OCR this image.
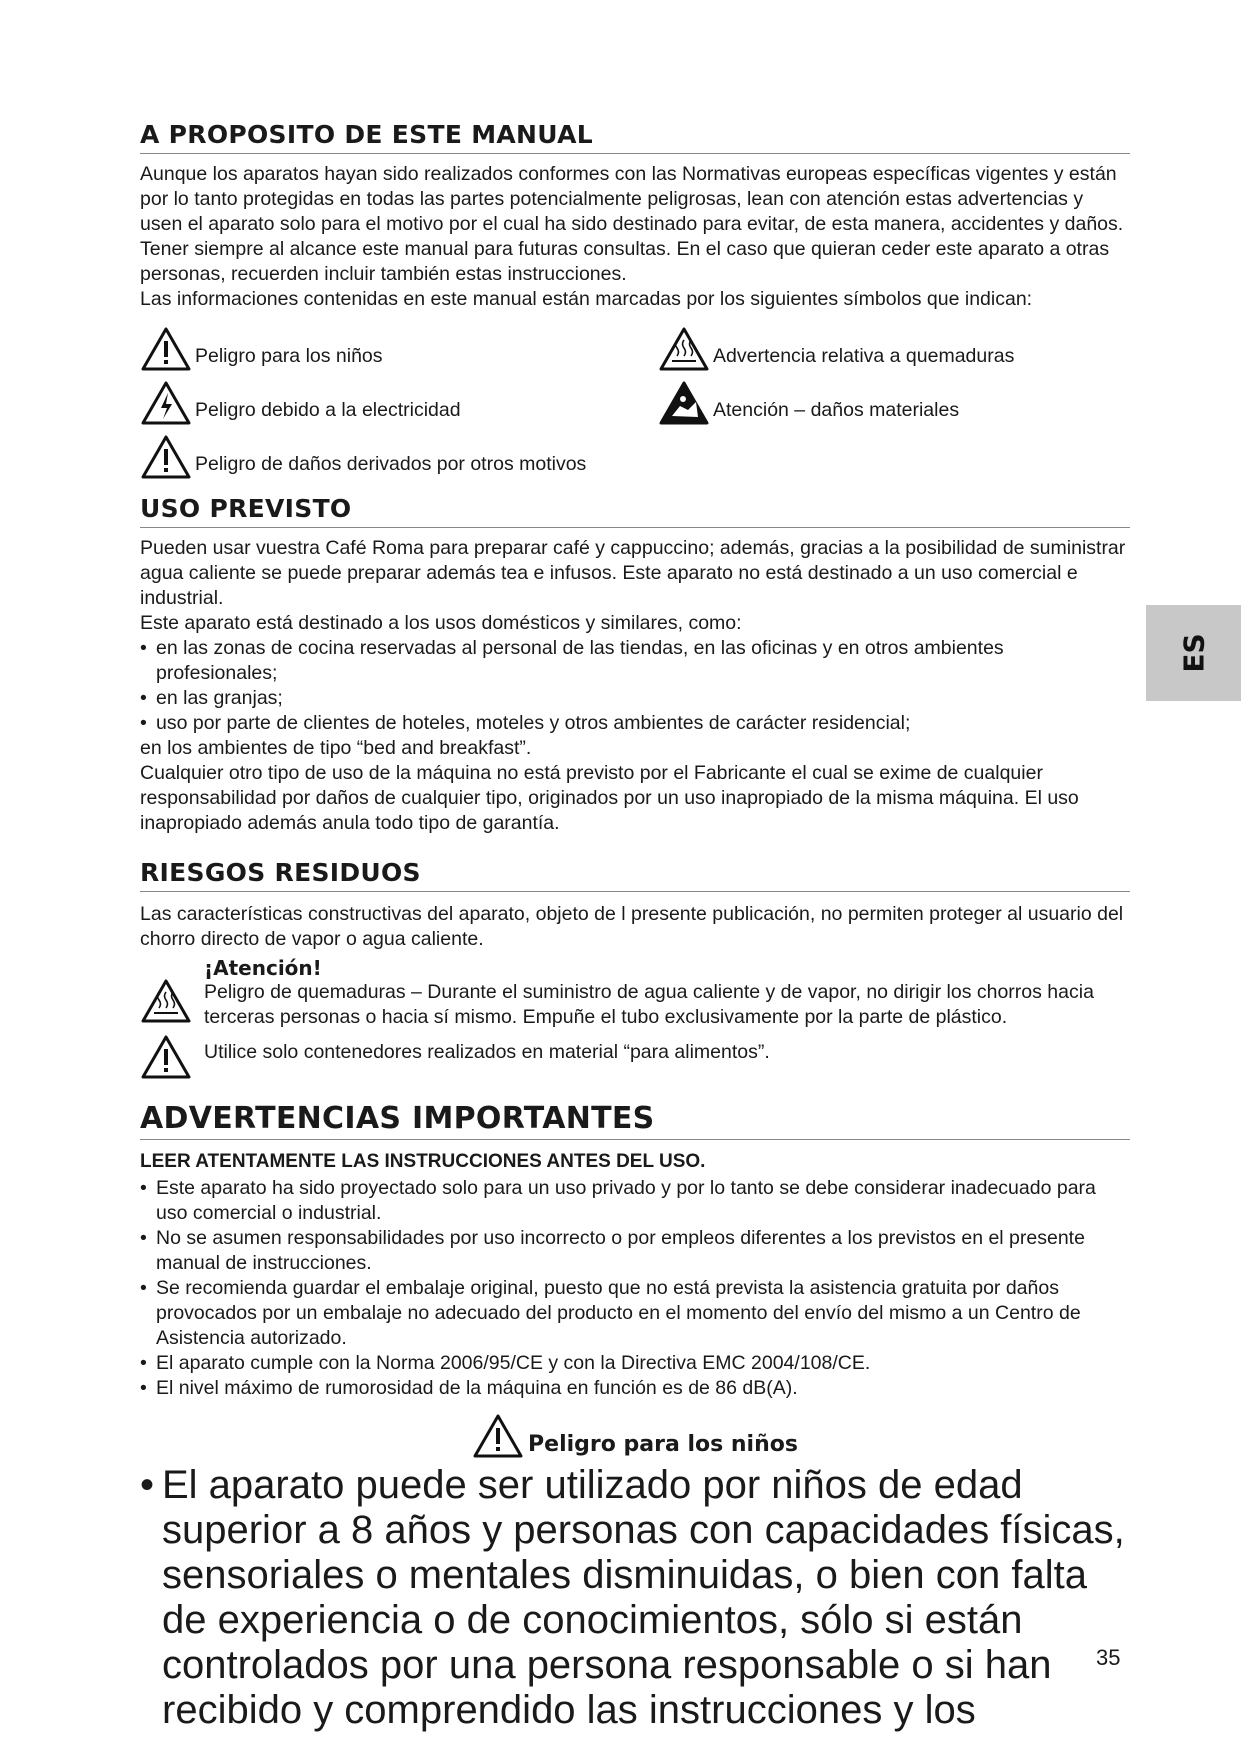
ES
A PROPOSITO DE ESTE MANUAL

Aunque los aparatos hayan sido realizados conformes con las Normativas europeas específicas vigentes y están por lo tanto protegidas en todas las partes potencialmente peligrosas, lean con atención estas advertencias y usen el aparato solo para el motivo por el cual ha sido destinado para evitar, de esta manera, accidentes y daños. Tener siempre al alcance este manual para futuras consultas. En el caso que quieran ceder este aparato a otras personas, recuerden incluir también estas instrucciones.

Las informaciones contenidas en este manual están marcadas por los siguientes símbolos que indican:

Peligro para los niños	Advertencia relativa a quemaduras
Peligro debido a la electricidad	Atención – daños materiales
Peligro de daños derivados por otros motivos
USO PREVISTO

Pueden usar vuestra Café Roma para preparar café y cappuccino; además, gracias a la posibilidad de suministrar agua caliente se puede preparar además tea e infusos. Este aparato no está destinado a un uso comercial e industrial.

Este aparato está destinado a los usos domésticos y similares, como:

• en las zonas de cocina reservadas al personal de las tiendas, en las oficinas y en otros ambientes profesionales;
• en las granjas;
• uso por parte de clientes de hoteles, moteles y otros ambientes de carácter residencial;

en los ambientes de tipo “bed and breakfast”.

Cualquier otro tipo de uso de la máquina no está previsto por el Fabricante el cual se exime de cualquier responsabilidad por daños de cualquier tipo, originados por un uso inapropiado de la misma máquina. El uso inapropiado además anula todo tipo de garantía.

RIESGOS RESIDUOS

Las características constructivas del aparato, objeto de l presente publicación, no permiten proteger al usuario del chorro directo de vapor o agua caliente.

¡Atención!

Peligro de quemaduras – Durante el suministro de agua caliente y de vapor, no dirigir los chorros hacia terceras personas o hacia sí mismo. Empuñe el tubo exclusivamente por la parte de plástico.

Utilice solo contenedores realizados en material “para alimentos”.

ADVERTENCIAS IMPORTANTES
LEER ATENTAMENTE LAS INSTRUCCIONES ANTES DEL USO.
• Este aparato ha sido proyectado solo para un uso privado y por lo tanto se debe considerar inadecuado para uso comercial o industrial.
• No se asumen responsabilidades por uso incorrecto o por empleos diferentes a los previstos en el presente manual de instrucciones.
• Se recomienda guardar el embalaje original, puesto que no está prevista la asistencia gratuita por daños provocados por un embalaje no adecuado del producto en el momento del envío del mismo a un Centro de Asistencia autorizado.
• El aparato cumple con la Norma 2006/95/CE y con la Directiva EMC 2004/108/CE.
• El nivel máximo de rumorosidad de la máquina en función es de 86 dB(A).
Peligro para los niños
• El aparato puede ser utilizado por niños de edad superior a 8 años y personas con capacidades físicas, sensoriales o mentales disminuidas, o bien con falta de experiencia o de conocimientos, sólo si están controlados por una persona responsable o si han recibido y comprendido las instrucciones y los
35
